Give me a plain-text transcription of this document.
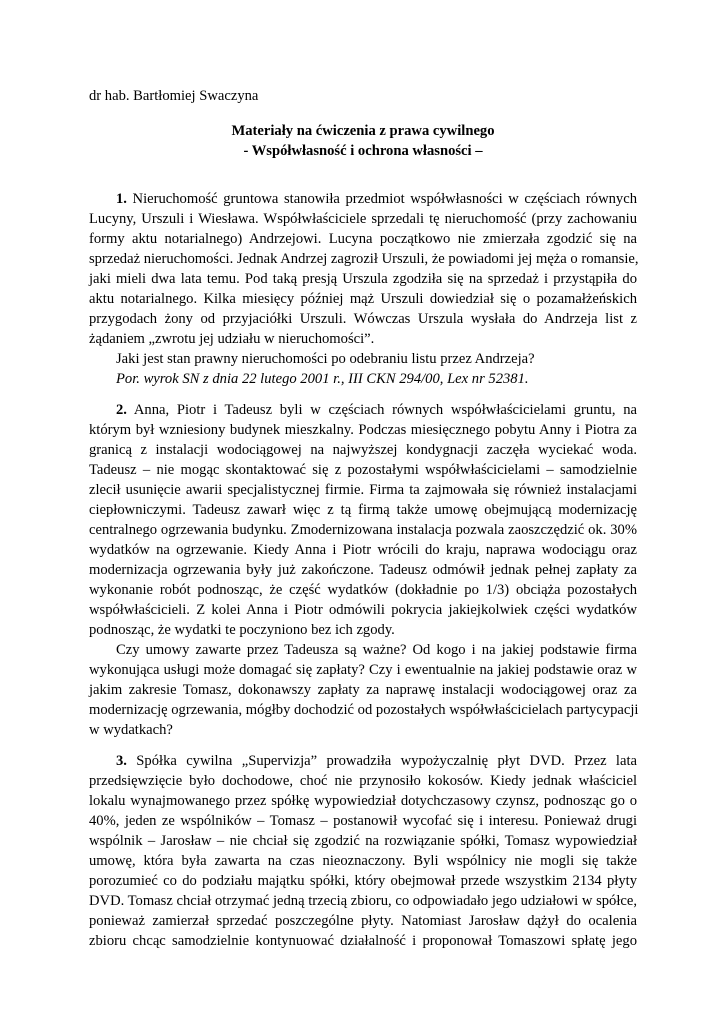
dr hab. Bartłomiej Swaczyna
Materiały na ćwiczenia z prawa cywilnego
- Współwłasność i ochrona własności –
1. Nieruchomość gruntowa stanowiła przedmiot współwłasności w częściach równych
Lucyny, Urszuli i Wiesława. Współwłaściciele sprzedali tę nieruchomość (przy zachowaniu
formy aktu notarialnego) Andrzejowi. Lucyna początkowo nie zmierzała zgodzić się na
sprzedaż nieruchomości. Jednak Andrzej zagroził Urszuli, że powiadomi jej męża o romansie,
jaki mieli dwa lata temu. Pod taką presją Urszula zgodziła się na sprzedaż i przystąpiła do
aktu notarialnego. Kilka miesięcy później mąż Urszuli dowiedział się o pozamałżeńskich
przygodach żony od przyjaciółki Urszuli. Wówczas Urszula wysłała do Andrzeja list z
żądaniem „zwrotu jej udziału w nieruchomości”.
Jaki jest stan prawny nieruchomości po odebraniu listu przez Andrzeja?
Por. wyrok SN z dnia 22 lutego 2001 r., III CKN 294/00, Lex nr 52381.
2. Anna, Piotr i Tadeusz byli w częściach równych współwłaścicielami gruntu, na
którym był wzniesiony budynek mieszkalny. Podczas miesięcznego pobytu Anny i Piotra za
granicą z instalacji wodociągowej na najwyższej kondygnacji zaczęła wyciekać woda.
Tadeusz – nie mogąc skontaktować się z pozostałymi współwłaścicielami – samodzielnie
zlecił usunięcie awarii specjalistycznej firmie. Firma ta zajmowała się również instalacjami
ciepłowniczymi. Tadeusz zawarł więc z tą firmą także umowę obejmującą modernizację
centralnego ogrzewania budynku. Zmodernizowana instalacja pozwala zaoszczędzić ok. 30%
wydatków na ogrzewanie. Kiedy Anna i Piotr wrócili do kraju, naprawa wodociągu oraz
modernizacja ogrzewania były już zakończone. Tadeusz odmówił jednak pełnej zapłaty za
wykonanie robót podnosząc, że część wydatków (dokładnie po 1/3) obciąża pozostałych
współwłaścicieli. Z kolei Anna i Piotr odmówili pokrycia jakiejkolwiek części wydatków
podnosząc, że wydatki te poczyniono bez ich zgody.
Czy umowy zawarte przez Tadeusza są ważne? Od kogo i na jakiej podstawie firma
wykonująca usługi może domagać się zapłaty? Czy i ewentualnie na jakiej podstawie oraz w
jakim zakresie Tomasz, dokonawszy zapłaty za naprawę instalacji wodociągowej oraz za
modernizację ogrzewania, mógłby dochodzić od pozostałych współwłaścicielach partycypacji
w wydatkach?
3. Spółka cywilna „Supervizja” prowadziła wypożyczalnię płyt DVD. Przez lata
przedsięwzięcie było dochodowe, choć nie przynosiło kokosów. Kiedy jednak właściciel
lokalu wynajmowanego przez spółkę wypowiedział dotychczasowy czynsz, podnosząc go o
40%, jeden ze wspólników – Tomasz – postanowił wycofać się i interesu. Ponieważ drugi
wspólnik – Jarosław – nie chciał się zgodzić na rozwiązanie spółki, Tomasz wypowiedział
umowę, która była zawarta na czas nieoznaczony. Byli wspólnicy nie mogli się także
porozumieć co do podziału majątku spółki, który obejmował przede wszystkim 2134 płyty
DVD. Tomasz chciał otrzymać jedną trzecią zbioru, co odpowiadało jego udziałowi w spółce,
ponieważ zamierzał sprzedać poszczególne płyty. Natomiast Jarosław dążył do ocalenia
zbioru chcąc samodzielnie kontynuować działalność i proponował Tomaszowi spłatę jego
